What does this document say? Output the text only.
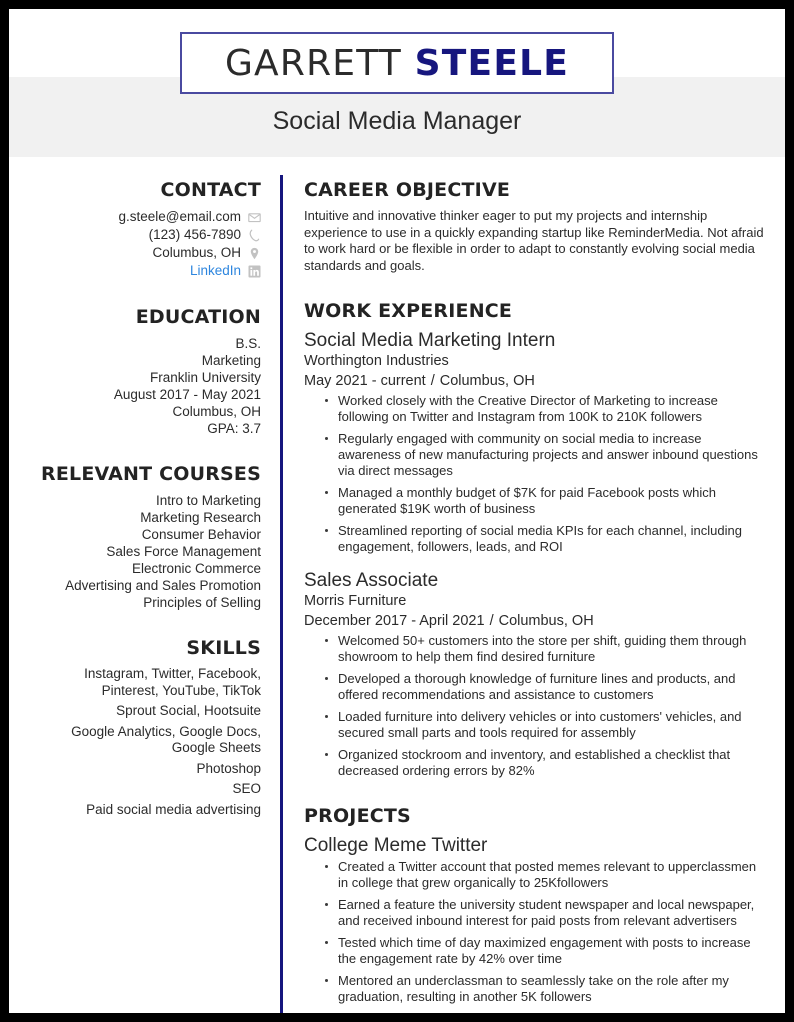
GARRETT STEELE
Social Media Manager
CONTACT
g.steele@email.com
(123) 456-7890
Columbus, OH
LinkedIn
EDUCATION
B.S.
Marketing
Franklin University
August 2017 - May 2021
Columbus, OH
GPA: 3.7
RELEVANT COURSES
Intro to Marketing
Marketing Research
Consumer Behavior
Sales Force Management
Electronic Commerce
Advertising and Sales Promotion
Principles of Selling
SKILLS
Instagram, Twitter, Facebook, Pinterest, YouTube, TikTok
Sprout Social, Hootsuite
Google Analytics, Google Docs, Google Sheets
Photoshop
SEO
Paid social media advertising
CAREER OBJECTIVE

Intuitive and innovative thinker eager to put my projects and internship experience to use in a quickly expanding startup like ReminderMedia. Not afraid to work hard or be flexible in order to adapt to constantly evolving social media standards and goals.

WORK EXPERIENCE
Social Media Marketing Intern
Worthington Industries
May 2021 - current / Columbus, OH
Worked closely with the Creative Director of Marketing to increase following on Twitter and Instagram from 100K to 210K followers
Regularly engaged with community on social media to increase awareness of new manufacturing projects and answer inbound questions via direct messages
Managed a monthly budget of $7K for paid Facebook posts which generated $19K worth of business
Streamlined reporting of social media KPIs for each channel, including engagement, followers, leads, and ROI
Sales Associate
Morris Furniture
December 2017 - April 2021 / Columbus, OH
Welcomed 50+ customers into the store per shift, guiding them through showroom to help them find desired furniture
Developed a thorough knowledge of furniture lines and products, and offered recommendations and assistance to customers
Loaded furniture into delivery vehicles or into customers' vehicles, and secured small parts and tools required for assembly
Organized stockroom and inventory, and established a checklist that decreased ordering errors by 82%
PROJECTS
College Meme Twitter
Created a Twitter account that posted memes relevant to upperclassmen in college that grew organically to 25Kfollowers
Earned a feature the university student newspaper and local newspaper, and received inbound interest for paid posts from relevant advertisers
Tested which time of day maximized engagement with posts to increase the engagement rate by 42% over time
Mentored an underclassman to seamlessly take on the role after my graduation, resulting in another 5K followers
